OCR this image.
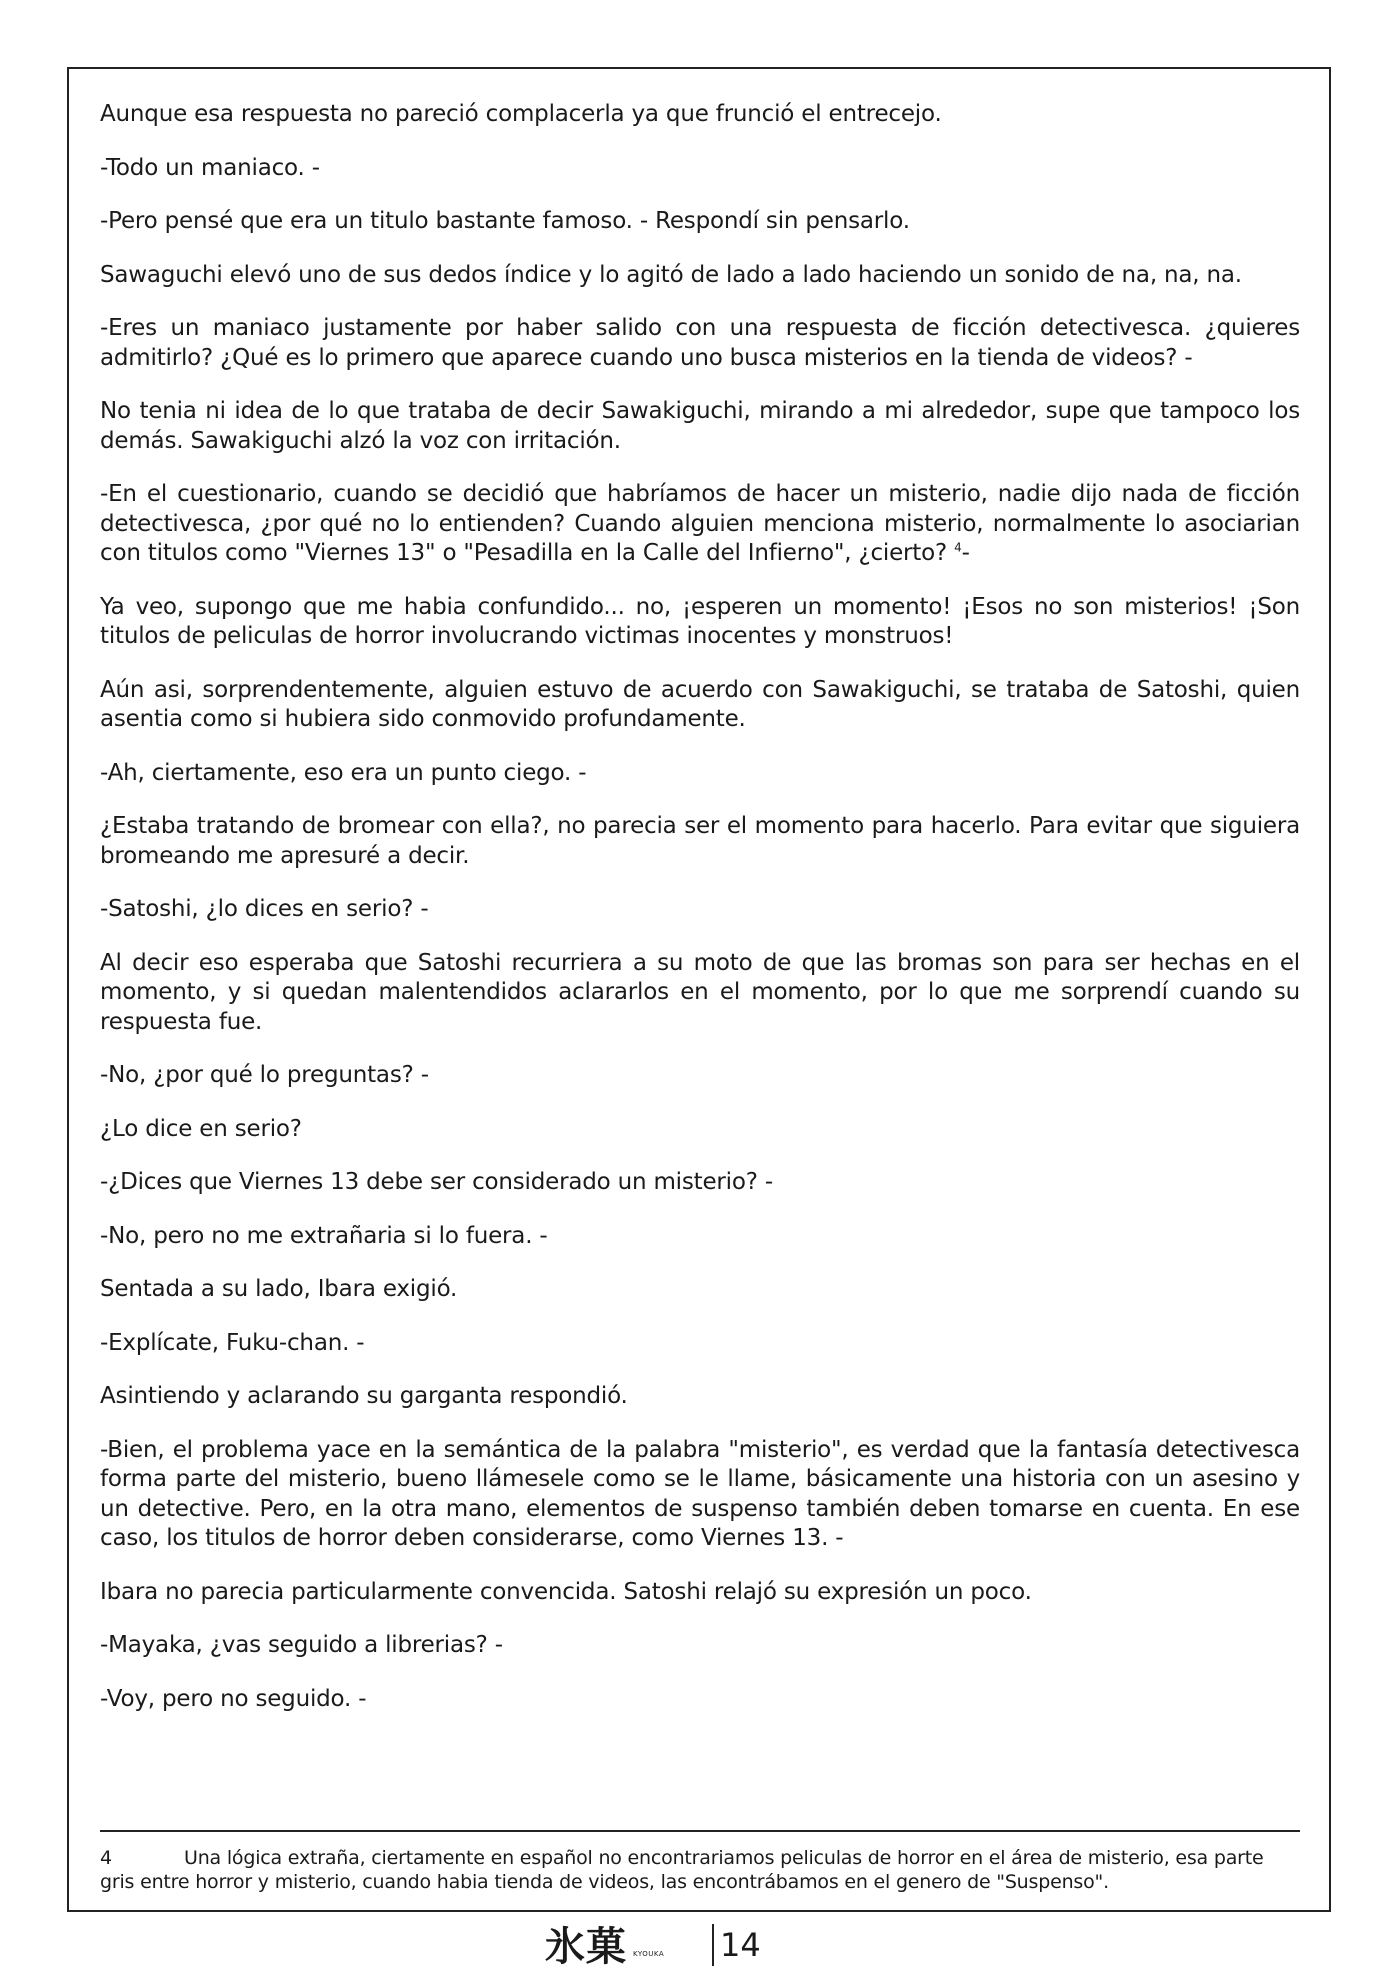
Aunque esa respuesta no pareció complacerla ya que frunció el entreceјo.

-Todo un maniaco. -

-Pero pensé que era un titulo bastante famoso. - Respondí sin pensarlo.

Sawaguchi elevó uno de sus dedos índice y lo agitó de lado a lado haciendo un sonido de na, na, na.

-Eres un maniaco justamente por haber salido con una respuesta de ficción detectivesca. ¿quieres admitirlo? ¿Qué es lo primero que aparece cuando uno busca misterios en la tienda de videos? -

No tenia ni idea de lo que trataba de decir Sawakiguchi, mirando a mi alrededor, supe que tampoco los demás. Sawakiguchi alzó la voz con irritación.

-En el cuestionario, cuando se decidió que habríamos de hacer un misterio, nadie dijo nada de ficción detectivesca, ¿por qué no lo entienden? Cuando alguien menciona misterio, normalmente lo asociarian con titulos como "Viernes 13" o "Pesadilla en la Calle del Infierno", ¿cierto? $^4$-

Ya veo, supongo que me habia confundido... no, ¡esperen un momento! ¡Esos no son misterios! ¡Son titulos de peliculas de horror involucrando victimas inocentes y monstruos!

Aún asi, sorprendentemente, alguien estuvo de acuerdo con Sawakiguchi, se trataba de Satoshi, quien asentia como si hubiera sido conmovido profundamente.

-Ah, ciertamente, eso era un punto ciego. -

¿Estaba tratando de bromear con ella?, no parecia ser el momento para hacerlo. Para evitar que siguiera bromeando me apresuré a decir.

-Satoshi, ¿lo dices en serio? -

Al decir eso esperaba que Satoshi recurriera a su moto de que las bromas son para ser hechas en el momento, y si quedan malentendidos aclararlos en el momento, por lo que me sorprendí cuando su respuesta fue.

-No, ¿por qué lo preguntas? -

¿Lo dice en serio?

-¿Dices que Viernes 13 debe ser considerado un misterio? -

-No, pero no me extrañaria si lo fuera. -

Sentada a su lado, Ibara exigió.

-Explícate, Fuku-chan. -

Asintiendo y aclarando su garganta respondió.

-Bien, el problema yace en la semántica de la palabra "misterio", es verdad que la fantasía detectivesca forma parte del misterio, bueno llámesele como se le llame, básicamente una historia con un asesino y un detective. Pero, en la otra mano, elementos de suspenso también deben tomarse en cuenta. En ese caso, los titulos de horror deben considerarse, como Viernes 13. -

Ibara no parecia particularmente convencida. Satoshi relajó su expresión un poco.

-Mayaka, ¿vas seguido a librerias? -

-Voy, pero no seguido. -

4	Una lógica extraña, ciertamente en español no encontrariamos peliculas de horror en el área de misterio, esa parte gris entre horror y misterio, cuando habia tienda de videos, las encontrábamos en el genero de "Suspenso".
氷菓 KYOUKA 14
